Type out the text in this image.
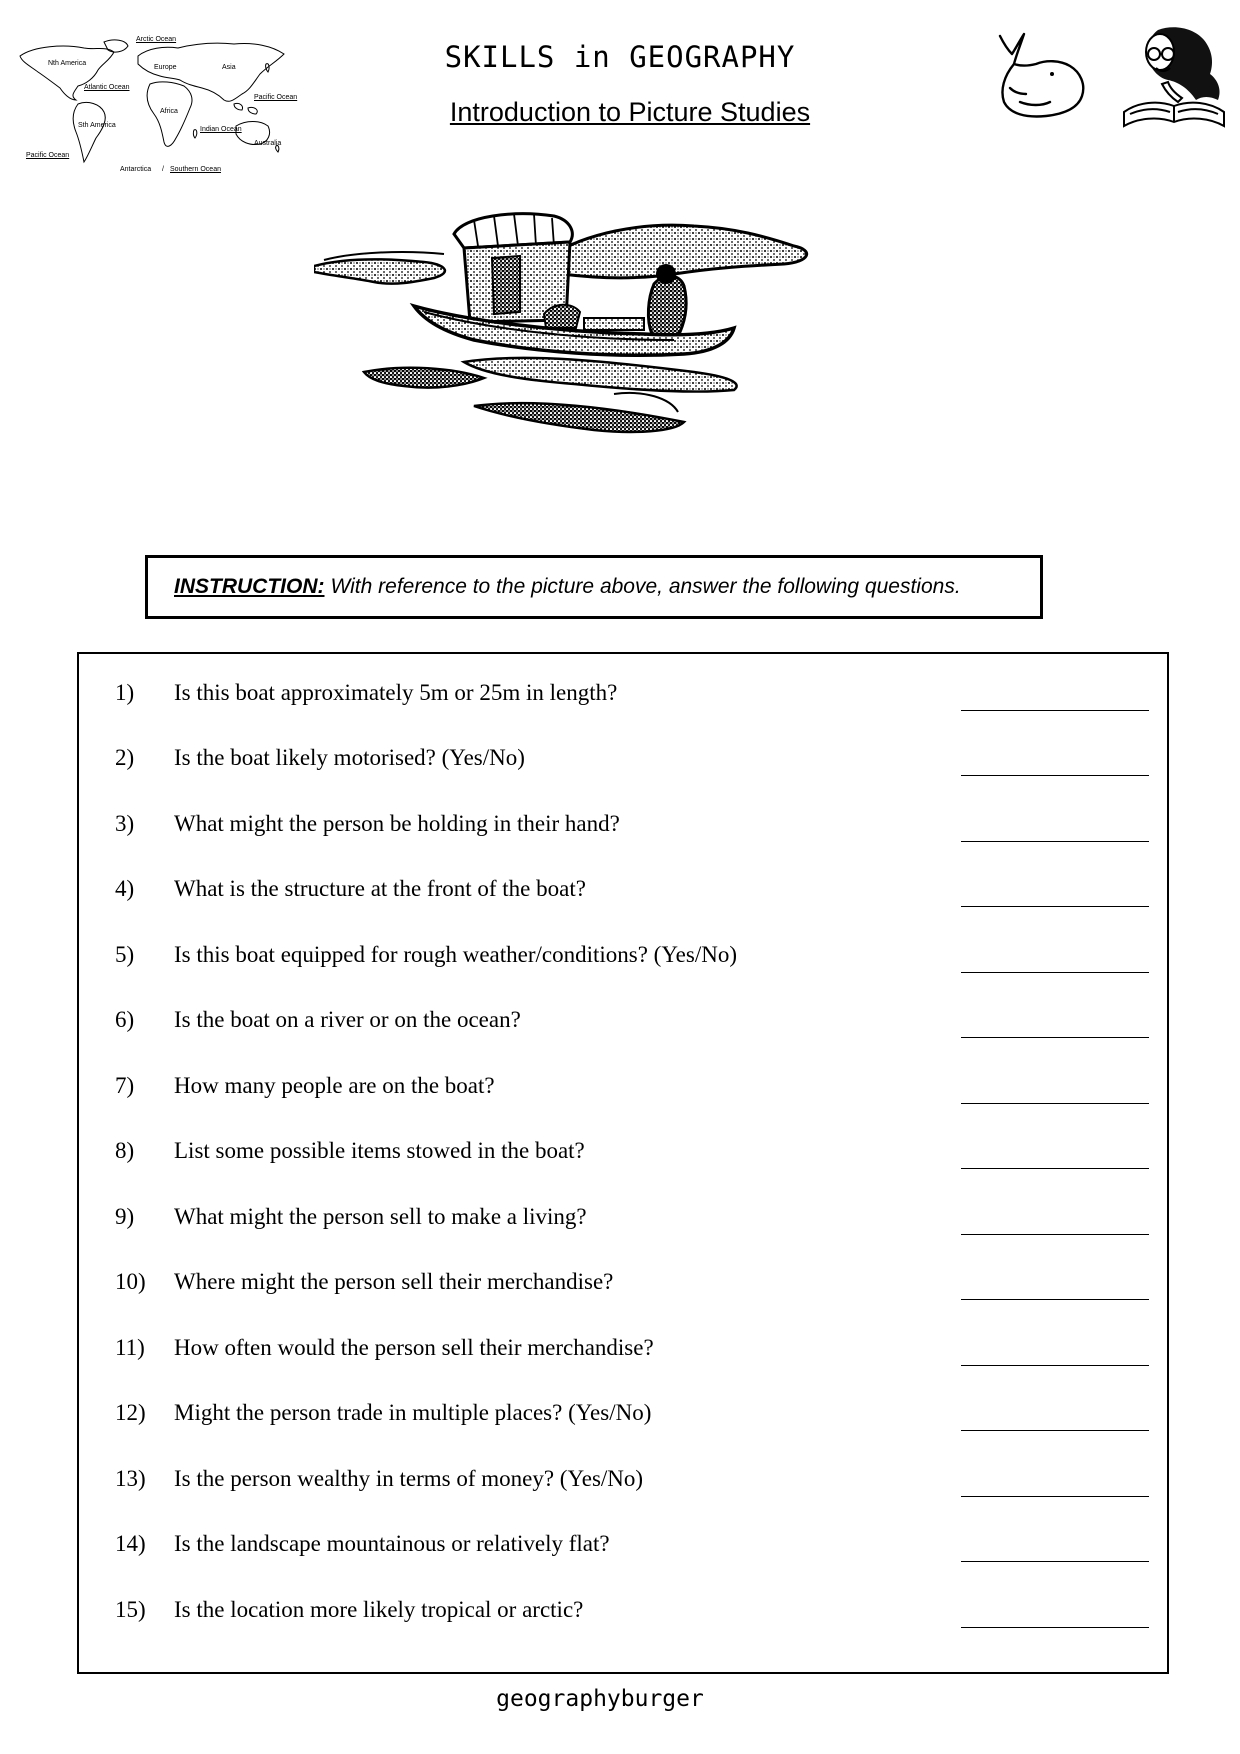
Arctic Ocean
Nth America
Europe	Asia
Atlantic Ocean
Pacific Ocean
Africa
Sth America
Indian Ocean
Australia
Pacific Ocean
Antarctica / Southern Ocean
SKILLS in GEOGRAPHY
Introduction to Picture Studies
INSTRUCTION: With reference to the picture above, answer the following questions.
1) Is this boat approximately 5m or 25m in length?
2) Is the boat likely motorised? (Yes/No)
3) What might the person be holding in their hand?
4) What is the structure at the front of the boat?
5) Is this boat equipped for rough weather/conditions? (Yes/No)
6) Is the boat on a river or on the ocean?
7) How many people are on the boat?
8) List some possible items stowed in the boat?
9) What might the person sell to make a living?
10) Where might the person sell their merchandise?
11) How often would the person sell their merchandise?
12) Might the person trade in multiple places? (Yes/No)
13) Is the person wealthy in terms of money? (Yes/No)
14) Is the landscape mountainous or relatively flat?
15) Is the location more likely tropical or arctic?
geographyburger
